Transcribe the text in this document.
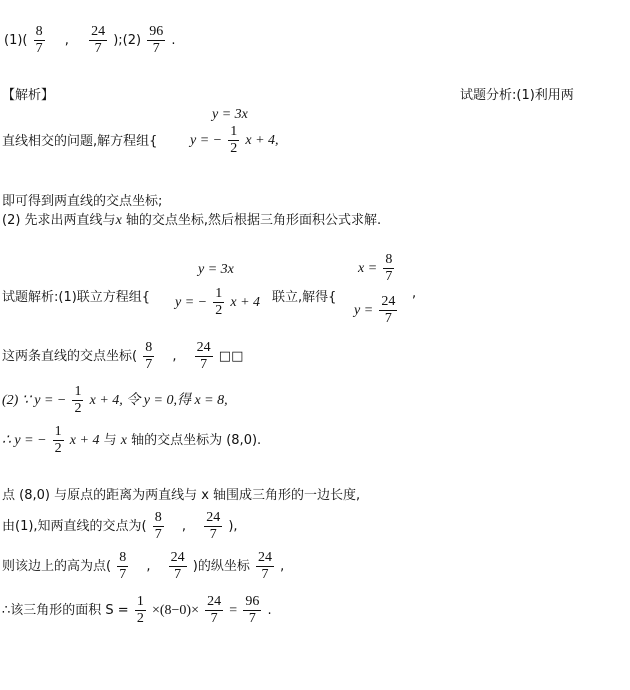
$(1)( \frac{8}{7}$ , $\frac{24}{7}$ );(2) $\frac{96}{7}$ .
【解析】	试题分析:(1)利用两
y = 3x
直线相交的问题,解方程组{ y = − $\frac{1}{2}$ x + 4,
即可得到两直线的交点坐标;
(2) 先求出两直线与x 轴的交点坐标,然后根据三角形面积公式求解.
y = 3x
试题解析:(1)联立方程组{ y = − $\frac{1}{2}$ x + 4 联立,解得{
$x = \frac{8}{7}$
$y = \frac{24}{7}$
,
这两条直线的交点坐标( $\frac{8}{7}$ , $\frac{24}{7}$ □□
(2) ∵ y = − $\frac{1}{2}$ x + 4, 令 y = 0,得 x = 8,
∴ y = − $\frac{1}{2}$ x + 4 与 x 轴的交点坐标为 (8,0).
点 (8,0) 与原点的距离为两直线与 x 轴围成三角形的一边长度,
由(1),知两直线的交点为( $\frac{8}{7}$ , $\frac{24}{7}$ ),
则该边上的高为点( $\frac{8}{7}$ , $\frac{24}{7}$ )的纵坐标 $\frac{24}{7}$ ,
∴该三角形的面积 $S = \frac{1}{2} \times(8-0)\times \frac{24}{7} = \frac{96}{7}$ .
